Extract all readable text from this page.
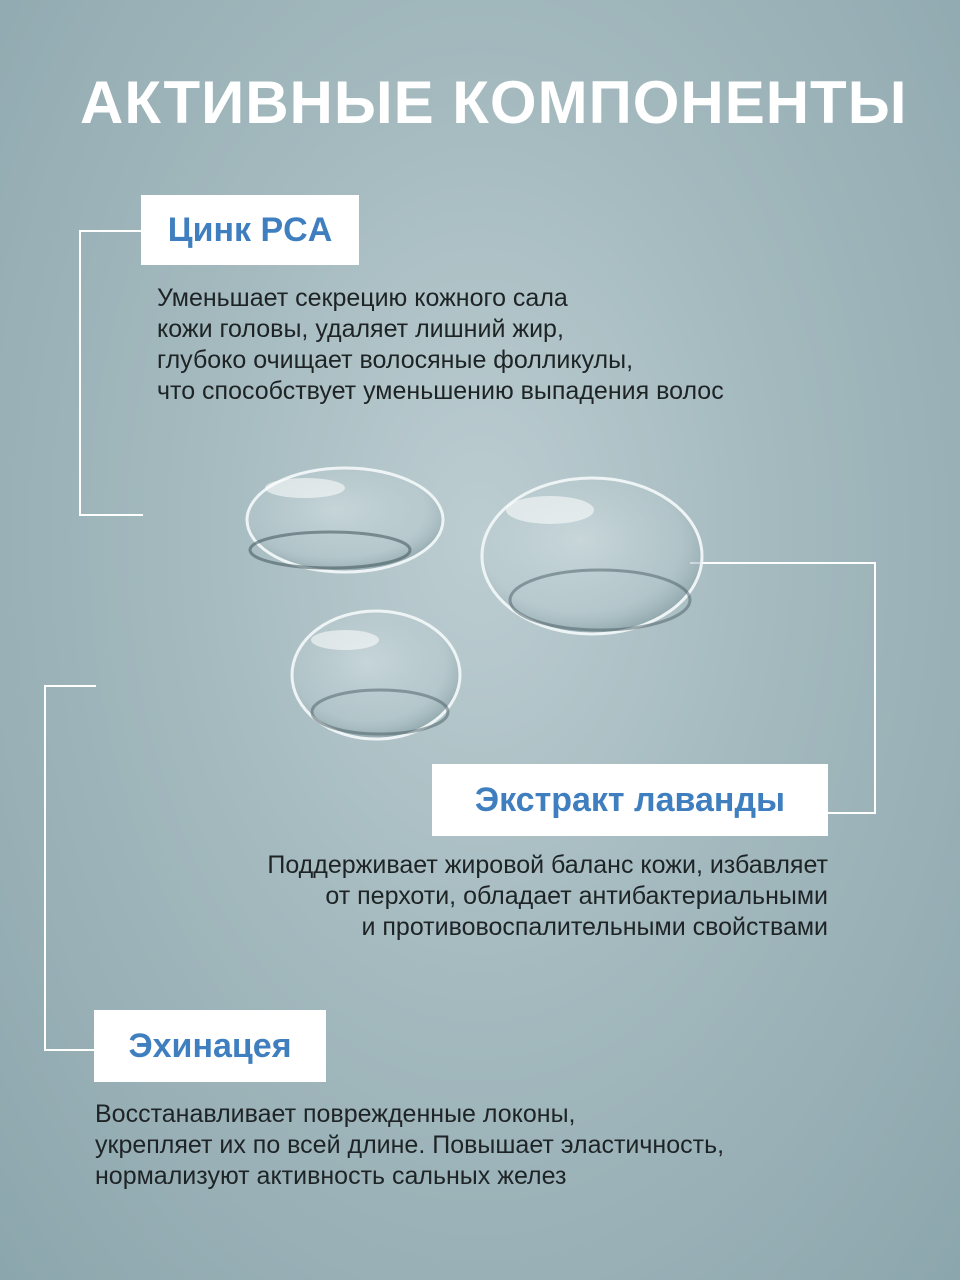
АКТИВНЫЕ КОМПОНЕНТЫ
Цинк PCA

Уменьшает секрецию кожного сала
кожи головы, удаляет лишний жир,
глубоко очищает волосяные фолликулы,
что способствует уменьшению выпадения волос

Экстракт лаванды

Поддерживает жировой баланс кожи, избавляет
от перхоти, обладает антибактериальными
и противовоспалительными свойствами

Эхинацея

Восстанавливает поврежденные локоны,
укрепляет их по всей длине. Повышает эластичность,
нормализуют активность сальных желез
